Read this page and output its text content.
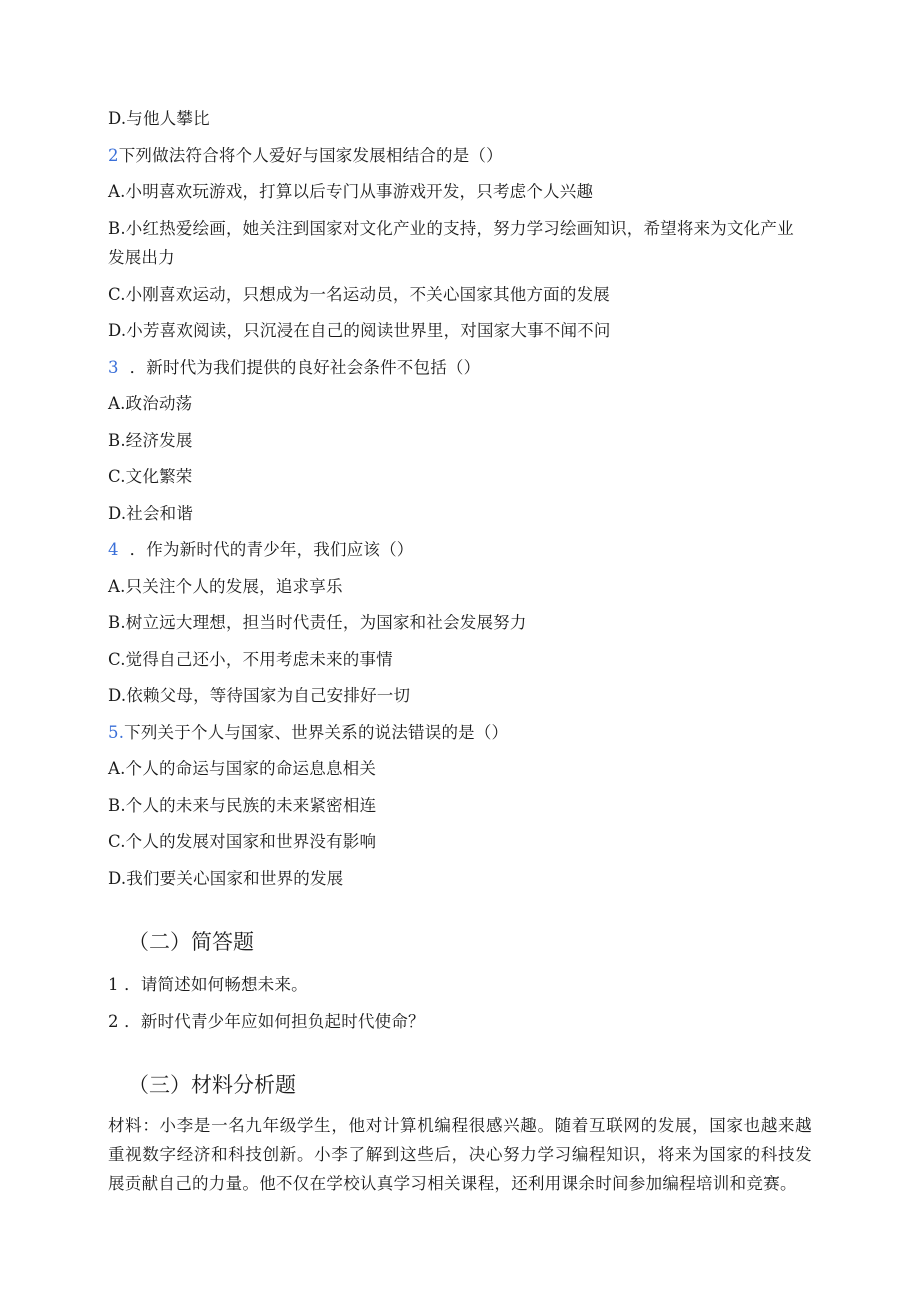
D.与他人攀比
2下列做法符合将个人爱好与国家发展相结合的是（）
A.小明喜欢玩游戏，打算以后专门从事游戏开发，只考虑个人兴趣
B.小红热爱绘画，她关注到国家对文化产业的支持，努力学习绘画知识，希望将来为文化产业
发展出力
C.小刚喜欢运动，只想成为一名运动员，不关心国家其他方面的发展
D.小芳喜欢阅读，只沉浸在自己的阅读世界里，对国家大事不闻不问
3 ．新时代为我们提供的良好社会条件不包括（）
A.政治动荡
B.经济发展
C.文化繁荣
D.社会和谐
4 ．作为新时代的青少年，我们应该（）
A.只关注个人的发展，追求享乐
B.树立远大理想，担当时代责任，为国家和社会发展努力
C.觉得自己还小，不用考虑未来的事情
D.依赖父母，等待国家为自己安排好一切
5.下列关于个人与国家、世界关系的说法错误的是（）
A.个人的命运与国家的命运息息相关
B.个人的未来与民族的未来紧密相连
C.个人的发展对国家和世界没有影响
D.我们要关心国家和世界的发展
（二）简答题
1 ．请简述如何畅想未来。
2 ．新时代青少年应如何担负起时代使命？
（三）材料分析题
材料：小李是一名九年级学生，他对计算机编程很感兴趣。随着互联网的发展，国家也越来越重视数字经济和科技创新。小李了解到这些后，决心努力学习编程知识，将来为国家的科技发展贡献自己的力量。他不仅在学校认真学习相关课程，还利用课余时间参加编程培训和竞赛。
